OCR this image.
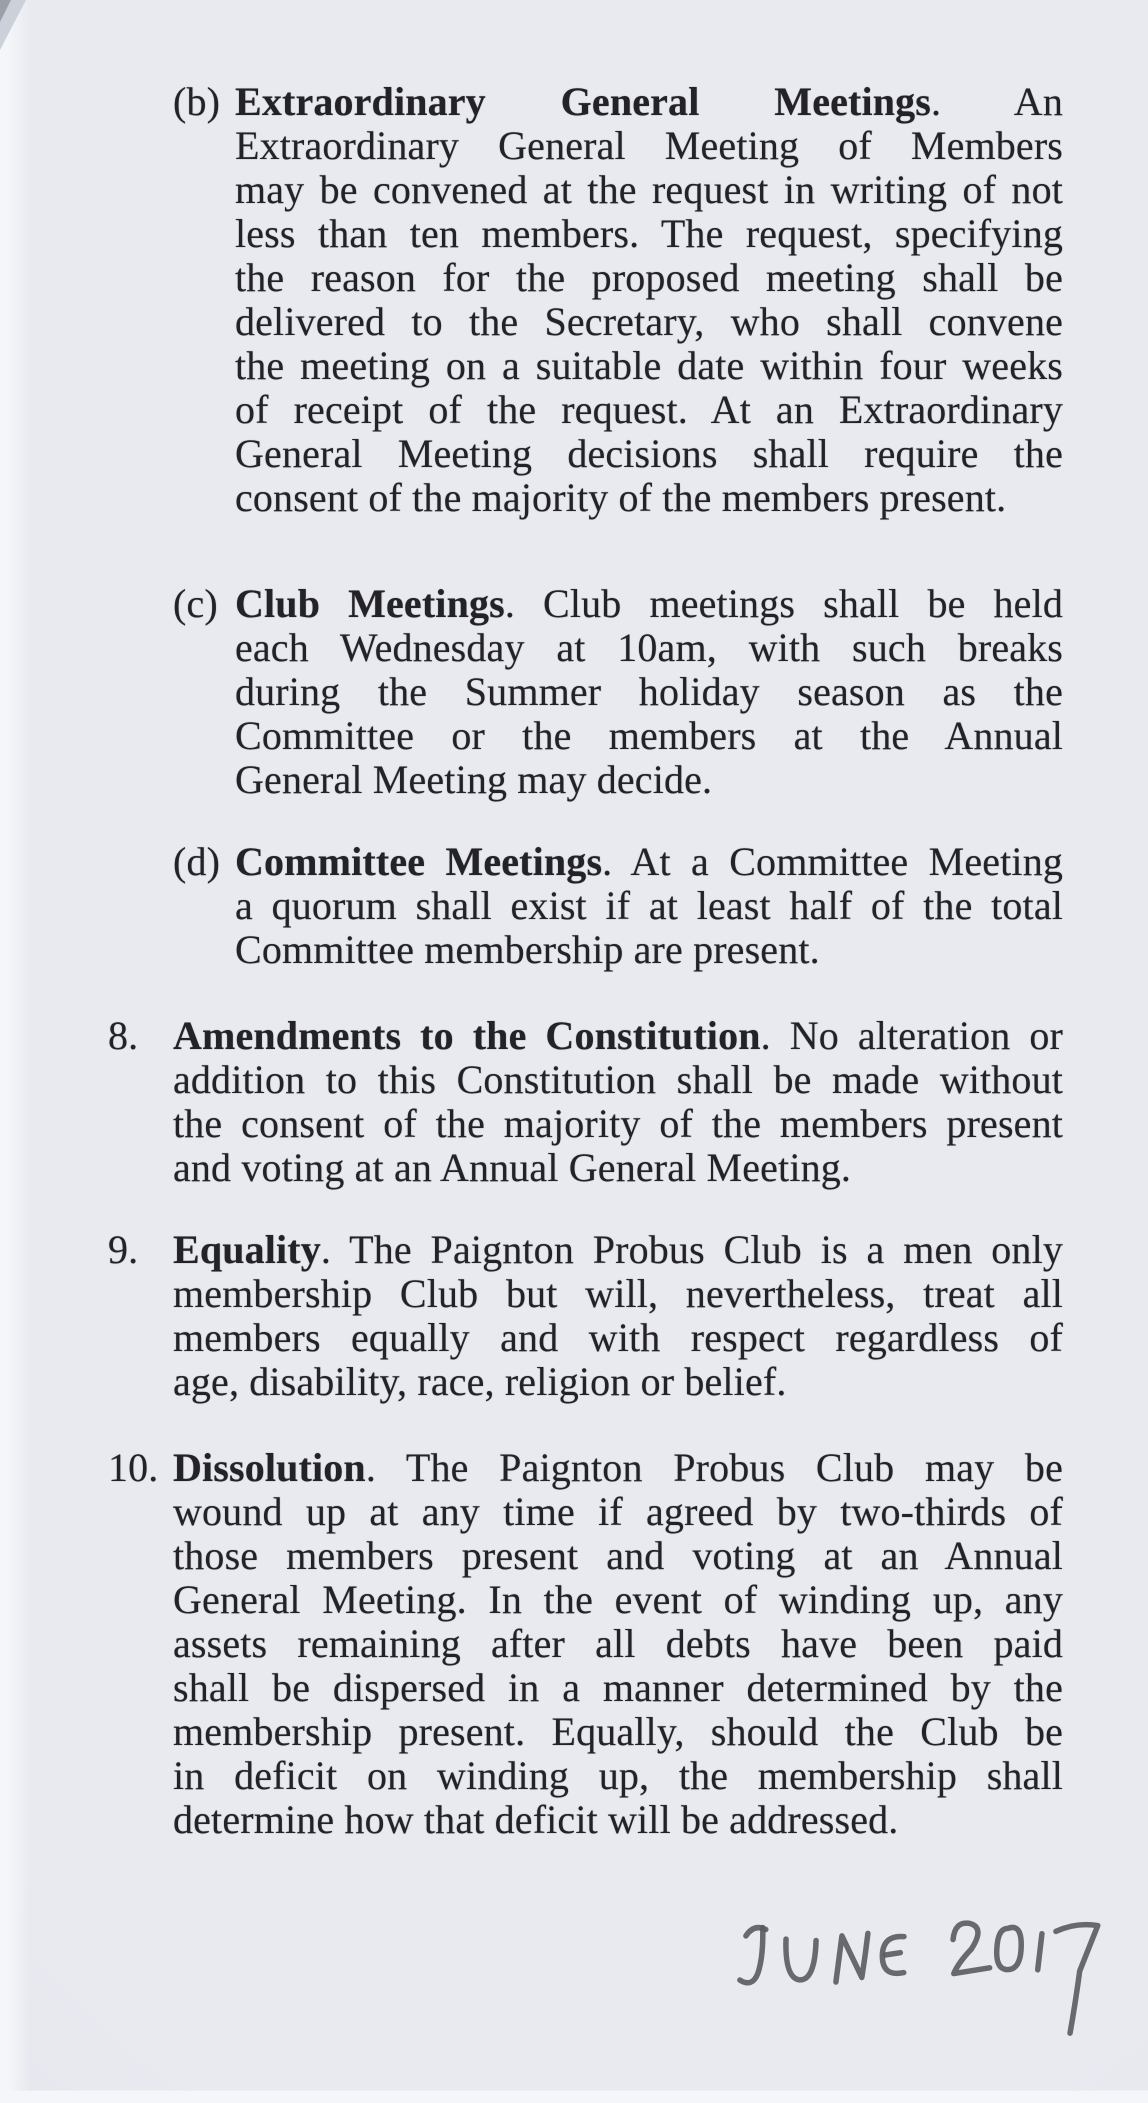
(b) Extraordinary General Meetings. An
Extraordinary General Meeting of Members
may be convened at the request in writing of not
less than ten members. The request, specifying
the reason for the proposed meeting shall be
delivered to the Secretary, who shall convene
the meeting on a suitable date within four weeks
of receipt of the request. At an Extraordinary
General Meeting decisions shall require the
consent of the majority of the members present.
(c) Club Meetings. Club meetings shall be held
each Wednesday at 10am, with such breaks
during the Summer holiday season as the
Committee or the members at the Annual
General Meeting may decide.
(d) Committee Meetings. At a Committee Meeting
a quorum shall exist if at least half of the total
Committee membership are present.
8. Amendments to the Constitution. No alteration or
addition to this Constitution shall be made without
the consent of the majority of the members present
and voting at an Annual General Meeting.
9. Equality. The Paignton Probus Club is a men only
membership Club but will, nevertheless, treat all
members equally and with respect regardless of
age, disability, race, religion or belief.
10. Dissolution. The Paignton Probus Club may be
wound up at any time if agreed by two-thirds of
those members present and voting at an Annual
General Meeting. In the event of winding up, any
assets remaining after all debts have been paid
shall be dispersed in a manner determined by the
membership present. Equally, should the Club be
in deficit on winding up, the membership shall
determine how that deficit will be addressed.
